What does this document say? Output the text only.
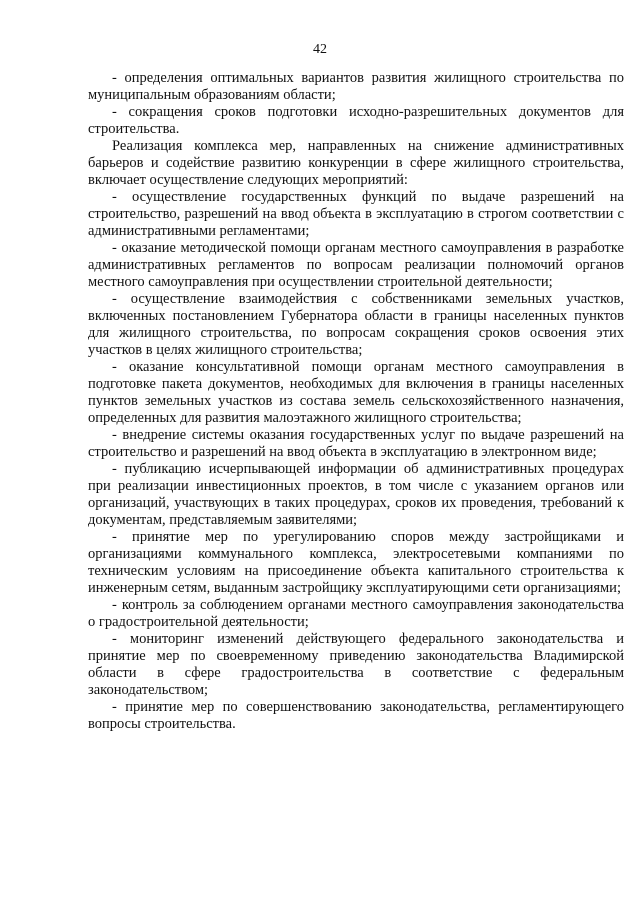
42

- определения оптимальных вариантов развития жилищного строительства по муниципальным образованиям области;

- сокращения сроков подготовки исходно-разрешительных документов для строительства.

Реализация комплекса мер, направленных на снижение административных барьеров и содействие развитию конкуренции в сфере жилищного строительства, включает осуществление следующих мероприятий:

- осуществление государственных функций по выдаче разрешений на строительство, разрешений на ввод объекта в эксплуатацию в строгом соответствии с административными регламентами;

- оказание методической помощи органам местного самоуправления в разработке административных регламентов по вопросам реализации полномочий органов местного самоуправления при осуществлении строительной деятельности;

- осуществление взаимодействия с собственниками земельных участков, включенных постановлением Губернатора области в границы населенных пунктов для жилищного строительства, по вопросам сокращения сроков освоения этих участков в целях жилищного строительства;

- оказание консультативной помощи органам местного самоуправления в подготовке пакета документов, необходимых для включения в границы населенных пунктов земельных участков из состава земель сельскохозяйственного назначения, определенных для развития малоэтажного жилищного строительства;

- внедрение системы оказания государственных услуг по выдаче разрешений на строительство и разрешений на ввод объекта в эксплуатацию в электронном виде;

- публикацию исчерпывающей информации об административных процедурах при реализации инвестиционных проектов, в том числе с указанием органов или организаций, участвующих в таких процедурах, сроков их проведения, требований к документам, представляемым заявителями;

- принятие мер по урегулированию споров между застройщиками и организациями коммунального комплекса, электросетевыми компаниями по техническим условиям на присоединение объекта капитального строительства к инженерным сетям, выданным застройщику эксплуатирующими сети организациями;

- контроль за соблюдением органами местного самоуправления законодательства о градостроительной деятельности;

- мониторинг изменений действующего федерального законодательства и принятие мер по своевременному приведению законодательства Владимирской области в сфере градостроительства в соответствие с федеральным законодательством;

- принятие мер по совершенствованию законодательства, регламентирующего вопросы строительства.
